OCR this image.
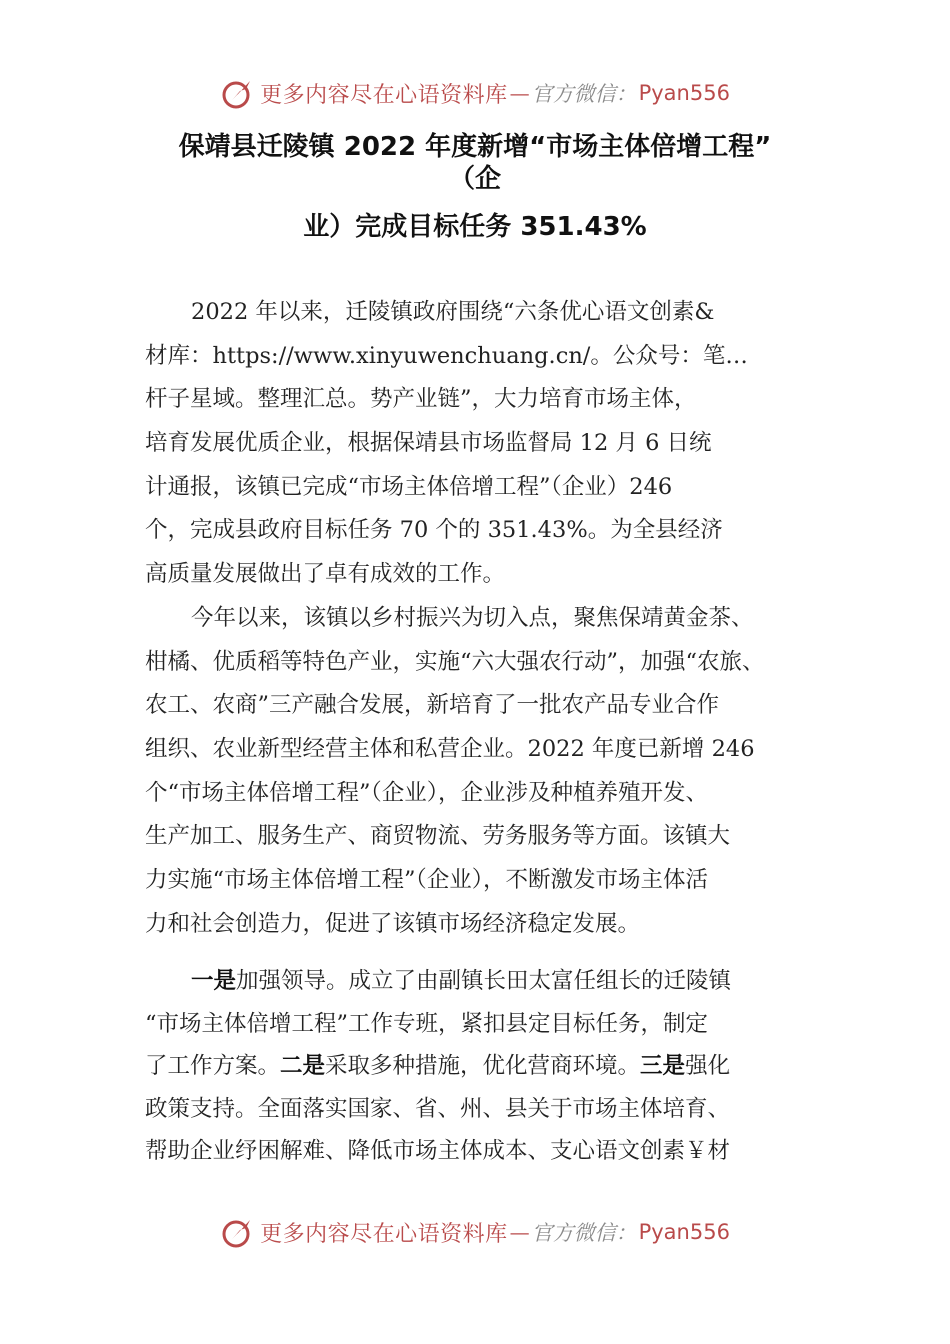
更多内容尽在心语资料库 — 官方微信： Pyan556
保靖县迁陵镇 2022 年度新增“市场主体倍增工程”
（企
业）完成目标任务 351.43%
2022 年以来，迁陵镇政府围绕“六条优心语文创素&
材库：https://www.xinyuwenchuang.cn/。公众号：笔…
杆子星域。整理汇总。势产业链”，大力培育市场主体，
培育发展优质企业，根据保靖县市场监督局 12 月 6 日统
计通报，该镇已完成“市场主体倍增工程”（企业）246
个，完成县政府目标任务 70 个的 351.43%。为全县经济
高质量发展做出了卓有成效的工作。
今年以来，该镇以乡村振兴为切入点，聚焦保靖黄金茶、
柑橘、优质稻等特色产业，实施“六大强农行动”，加强“农旅、
农工、农商”三产融合发展，新培育了一批农产品专业合作
组织、农业新型经营主体和私营企业。2022 年度已新增 246
个“市场主体倍增工程”（企业），企业涉及种植养殖开发、
生产加工、服务生产、商贸物流、劳务服务等方面。该镇大
力实施“市场主体倍增工程”（企业），不断激发市场主体活
力和社会创造力，促进了该镇市场经济稳定发展。
一是加强领导。成立了由副镇长田太富任组长的迁陵镇
“市场主体倍增工程”工作专班，紧扣县定目标任务，制定
了工作方案。二是采取多种措施，优化营商环境。三是强化
政策支持。全面落实国家、省、州、县关于市场主体培育、
帮助企业纾困解难、降低市场主体成本、支心语文创素￥材
更多内容尽在心语资料库 — 官方微信： Pyan556
